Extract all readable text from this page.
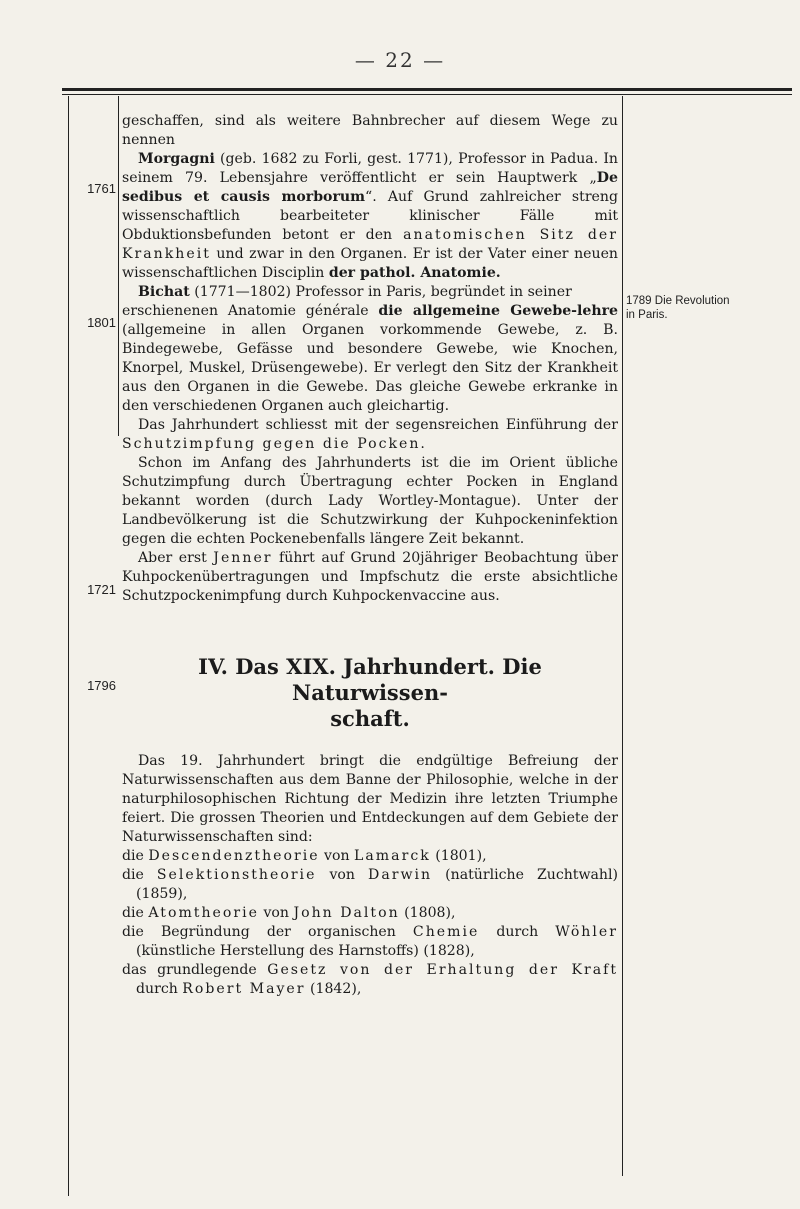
— 22 —
1761
1801
1721
1796
1789 Die Revolution
in Paris.

geschaffen, sind als weitere Bahnbrecher auf diesem Wege zu nennen

Morgagni (geb. 1682 zu Forli, gest. 1771), Professor in Padua. In seinem 79. Lebensjahre veröffentlicht er sein Hauptwerk „De sedibus et causis morborum“. Auf Grund zahlreicher streng wissenschaftlich bearbeiteter klinischer Fälle mit Obduktionsbefunden betont er den anatomischen Sitz der Krankheit und zwar in den Organen. Er ist der Vater einer neuen wissenschaftlichen Disciplin der pathol. Anatomie.

Bichat (1771—1802) Professor in Paris, begründet in seiner

erschienenen Anatomie générale die allgemeine Gewebe-lehre (allgemeine in allen Organen vorkommende Gewebe, z. B. Bindegewebe, Gefässe und besondere Gewebe, wie Knochen, Knorpel, Muskel, Drüsengewebe). Er verlegt den Sitz der Krankheit aus den Organen in die Gewebe. Das gleiche Gewebe erkranke in den verschiedenen Organen auch gleichartig.

Das Jahrhundert schliesst mit der segensreichen Einführung der Schutzimpfung gegen die Pocken.

Schon im Anfang des Jahrhunderts ist die im Orient übliche Schutzimpfung durch Übertragung echter Pocken in England bekannt worden (durch Lady Wortley-Montague). Unter der Landbevölkerung ist die Schutzwirkung der Kuhpockeninfektion gegen die echten Pockenebenfalls längere Zeit bekannt.

Aber erst Jenner führt auf Grund 20jähriger Beobachtung über Kuhpockenübertragungen und Impfschutz die erste absichtliche Schutzpockenimpfung durch Kuhpockenvaccine aus.

IV. Das XIX. Jahrhundert. Die Naturwissen-
schaft.

Das 19. Jahrhundert bringt die endgültige Befreiung der Naturwissenschaften aus dem Banne der Philosophie, welche in der naturphilosophischen Richtung der Medizin ihre letzten Triumphe feiert. Die grossen Theorien und Entdeckungen auf dem Gebiete der Naturwissenschaften sind:

die Descendenztheorie von Lamarck (1801),

die Selektionstheorie von Darwin (natürliche Zuchtwahl) (1859),

die Atomtheorie von John Dalton (1808),

die Begründung der organischen Chemie durch Wöhler (künstliche Herstellung des Harnstoffs) (1828),

das grundlegende Gesetz von der Erhaltung der Kraft durch Robert Mayer (1842),
